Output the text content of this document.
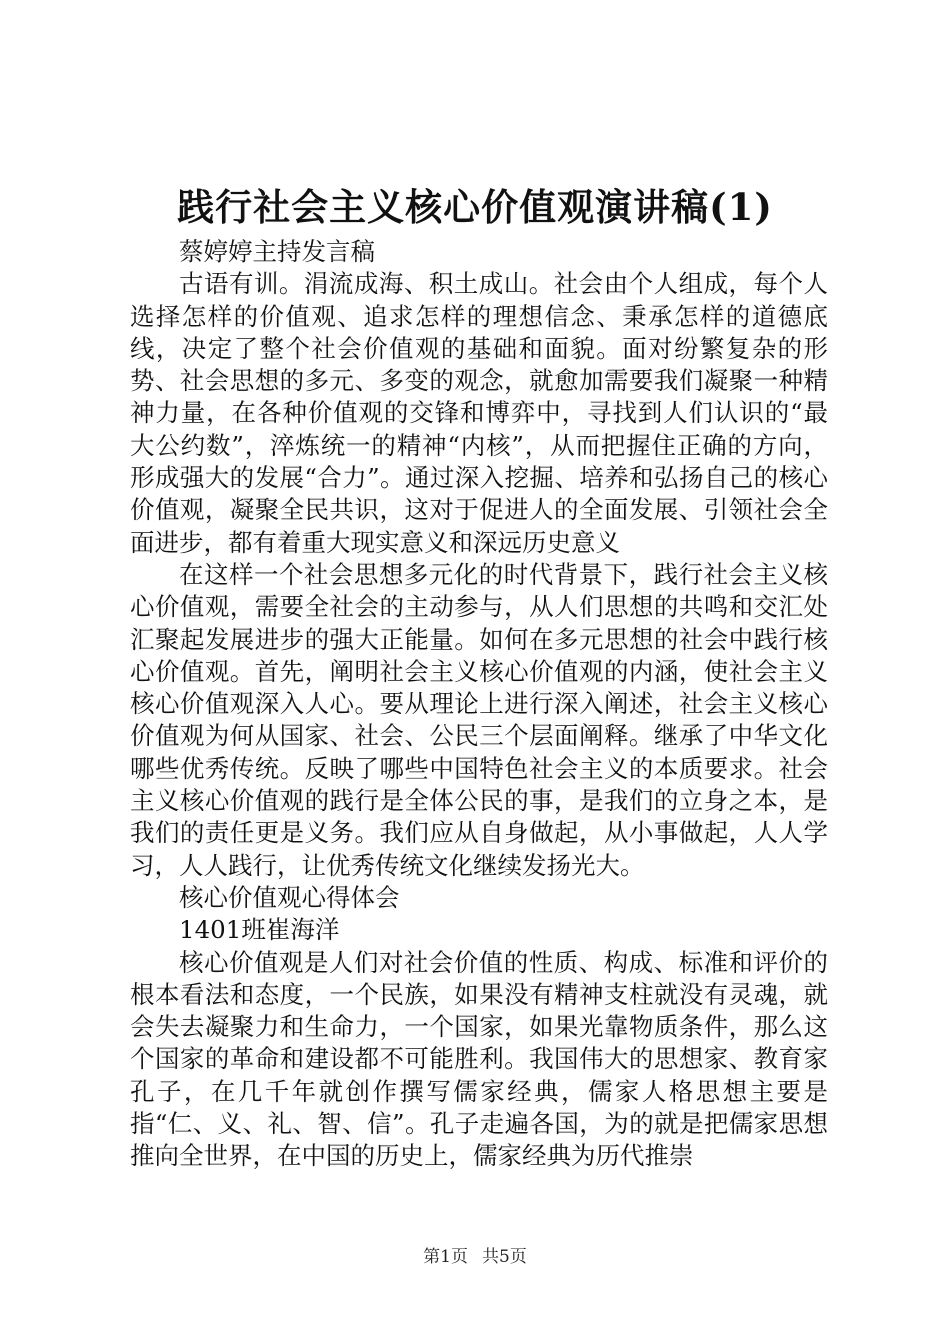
践行社会主义核心价值观演讲稿(1)

蔡婷婷主持发言稿

古语有训。涓流成海、积土成山。社会由个人组成，每个人选择怎样的价值观、追求怎样的理想信念、秉承怎样的道德底线，决定了整个社会价值观的基础和面貌。面对纷繁复杂的形势、社会思想的多元、多变的观念，就愈加需要我们凝聚一种精神力量，在各种价值观的交锋和博弈中，寻找到人们认识的“最大公约数”，淬炼统一的精神“内核”，从而把握住正确的方向，形成强大的发展“合力”。通过深入挖掘、培养和弘扬自己的核心价值观，凝聚全民共识，这对于促进人的全面发展、引领社会全面进步，都有着重大现实意义和深远历史意义

在这样一个社会思想多元化的时代背景下，践行社会主义核心价值观，需要全社会的主动参与，从人们思想的共鸣和交汇处汇聚起发展进步的强大正能量。如何在多元思想的社会中践行核心价值观。首先，阐明社会主义核心价值观的内涵，使社会主义核心价值观深入人心。要从理论上进行深入阐述，社会主义核心价值观为何从国家、社会、公民三个层面阐释。继承了中华文化哪些优秀传统。反映了哪些中国特色社会主义的本质要求。社会主义核心价值观的践行是全体公民的事，是我们的立身之本，是我们的责任更是义务。我们应从自身做起，从小事做起，人人学习，人人践行，让优秀传统文化继续发扬光大。

核心价值观心得体会

1401班崔海洋

核心价值观是人们对社会价值的性质、构成、标准和评价的根本看法和态度，一个民族，如果没有精神支柱就没有灵魂，就会失去凝聚力和生命力，一个国家，如果光靠物质条件，那么这个国家的革命和建设都不可能胜利。我国伟大的思想家、教育家孔子，在几千年就创作撰写儒家经典，儒家人格思想主要是指“仁、义、礼、智、信”。孔子走遍各国，为的就是把儒家思想推向全世界，在中国的历史上，儒家经典为历代推崇

第1页 共5页
